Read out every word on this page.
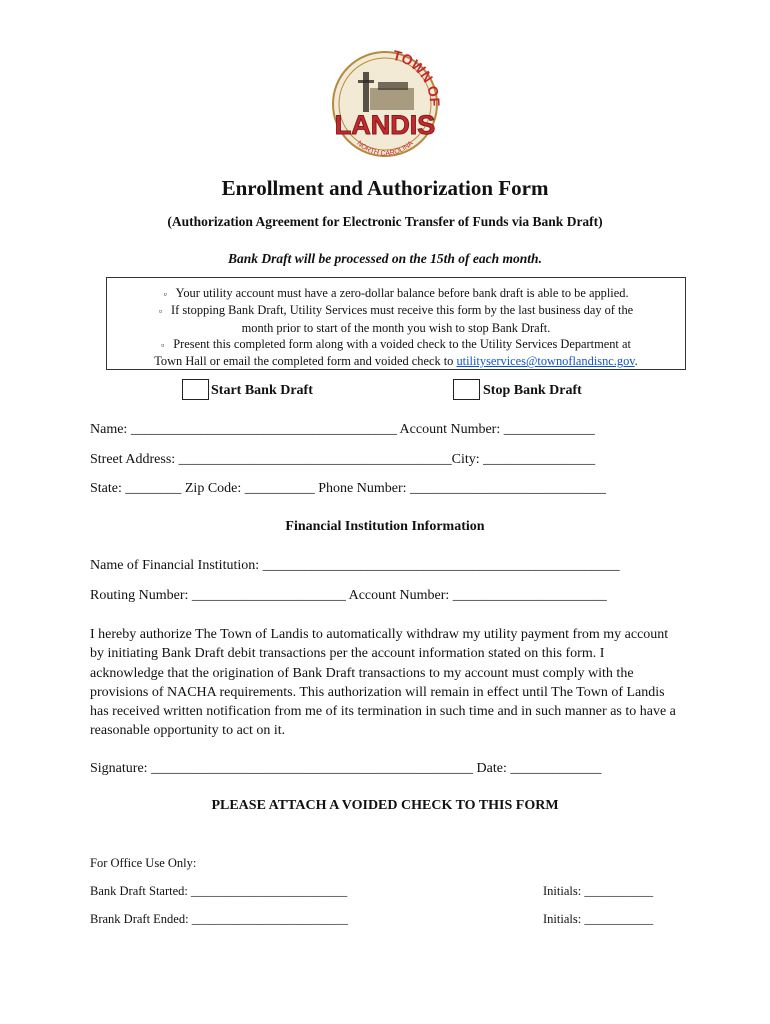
TOWN OF
LANDIS
NORTH CAROLINA
Enrollment and Authorization Form
(Authorization Agreement for Electronic Transfer of Funds via Bank Draft)
Bank Draft will be processed on the 15th of each month.
▫ Your utility account must have a zero-dollar balance before bank draft is able to be applied.
▫ If stopping Bank Draft, Utility Services must receive this form by the last business day of the
month prior to start of the month you wish to stop Bank Draft.
▫ Present this completed form along with a voided check to the Utility Services Department at
Town Hall or email the completed form and voided check to utilityservices@townoflandisnc.gov.
Start Bank Draft	Stop Bank Draft
Name: ______________________________________ Account Number: _____________
Street Address: _______________________________________City: ________________
State: ________ Zip Code: __________ Phone Number: ____________________________
Financial Institution Information
Name of Financial Institution: ___________________________________________________
Routing Number: ______________________ Account Number: ______________________
I hereby authorize The Town of Landis to automatically withdraw my utility payment from my account by initiating Bank Draft debit transactions per the account information stated on this form. I acknowledge that the origination of Bank Draft transactions to my account must comply with the provisions of NACHA requirements. This authorization will remain in effect until The Town of Landis has received written notification from me of its termination in such time and in such manner as to have a reasonable opportunity to act on it.
Signature: ______________________________________________ Date: _____________
PLEASE ATTACH A VOIDED CHECK TO THIS FORM
For Office Use Only:
Bank Draft Started: _________________________	Initials: ___________
Brank Draft Ended: _________________________	Initials: ___________
